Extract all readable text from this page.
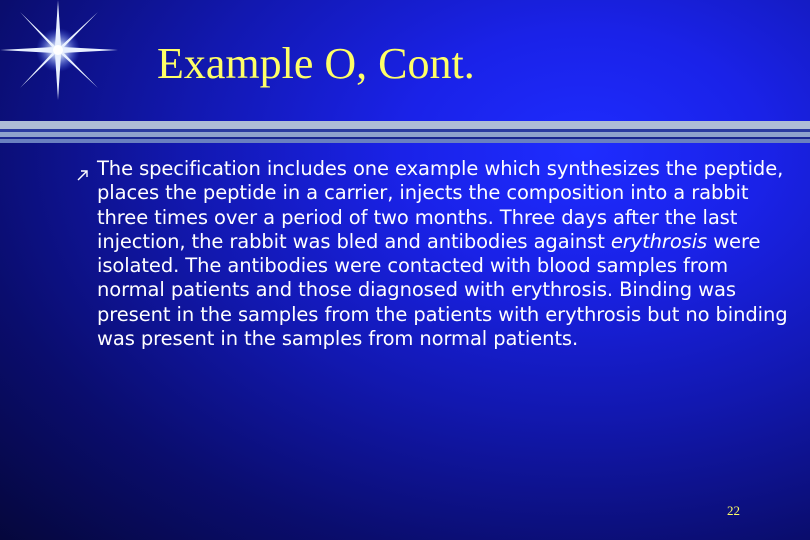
Example O, Cont.
The specification includes one example which synthesizes the peptide, places the peptide in a carrier, injects the composition into a rabbit three times over a period of two months. Three days after the last injection, the rabbit was bled and antibodies against erythrosis were isolated. The antibodies were contacted with blood samples from normal patients and those diagnosed with erythrosis. Binding was present in the samples from the patients with erythrosis but no binding was present in the samples from normal patients.
22
